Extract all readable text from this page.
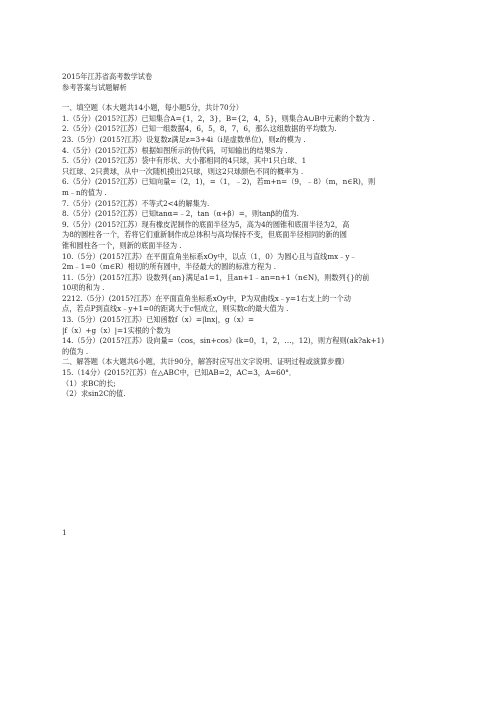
2015年江苏省高考数学试卷
参考答案与试题解析
一、填空题（本大题共14小题，每小题5分，共计70分）
1.（5分）(2015?江苏）已知集合A={1，2，3}，B={2，4，5}，则集合A∪B中元素的个数为 .
2.（5分）(2015?江苏）已知一组数据4，6，5，8，7，6，那么这组数据的平均数为.
23.（5分）(2015?江苏）设复数z满足z=3+4i（i是虚数单位)，则z的模为 .
4.（5分）(2015?江苏）根据如图所示的伪代码，可知输出的结果S为 .
5.（5分）(2015?江苏）袋中有形状、大小都相同的4只球，其中1只白球、1
只红球、2只黄球，从中一次随机摸出2只球，则这2只球颜色不同的概率为 .
6.（5分）(2015?江苏）已知向量=（2，1)，=（1，﹣2)，若m+n=（9，﹣8）（m，n∈R)，则
m﹣n的值为 .
7.（5分）(2015?江苏）不等式2<4的解集为.
8.（5分）(2015?江苏）已知tanα=﹣2，tan（α+β）=，则tanβ的值为.
9.（5分）(2015?江苏）现有橡皮泥制作的底面半径为5，高为4的圆锥和底面半径为2，高
为8的圆柱各一个，若将它们重新制作成总体积与高均保持不变，但底面半径相同的新的圆
锥和圆柱各一个，则新的底面半径为 .
10.（5分）(2015?江苏）在平面直角坐标系xOy中，以点（1，0）为圆心且与直线mx﹣y﹣
2m﹣1=0（m∈R）相切的所有圆中，半径最大的圆的标准方程为 .
11.（5分）(2015?江苏）设数列{an}满足a1=1，且an+1﹣an=n+1（n∈N)，则数列{}的前
10项的和为 .
2212.（5分）(2015?江苏）在平面直角坐标系xOy中，P为双曲线x﹣y=1右支上的一个动
点，若点P到直线x﹣y+1=0的距离大于c恒成立，则实数c的最大值为 .
13.（5分）(2015?江苏）已知函数f（x）=|lnx|，g（x）=
|f（x）+g（x）|=1实根的个数为
14.（5分）(2015?江苏）设向量=（cos，sin+cos）(k=0，1，2，…，12)，则方程则(ak?ak+1)
的值为 .
二、解答题（本大题共6小题，共计90分，解答时应写出文字说明、证明过程或演算步骤）
15.（14分）(2015?江苏）在△ABC中，已知AB=2，AC=3，A=60°．
（1）求BC的长;
（2）求sin2C的值.
1
